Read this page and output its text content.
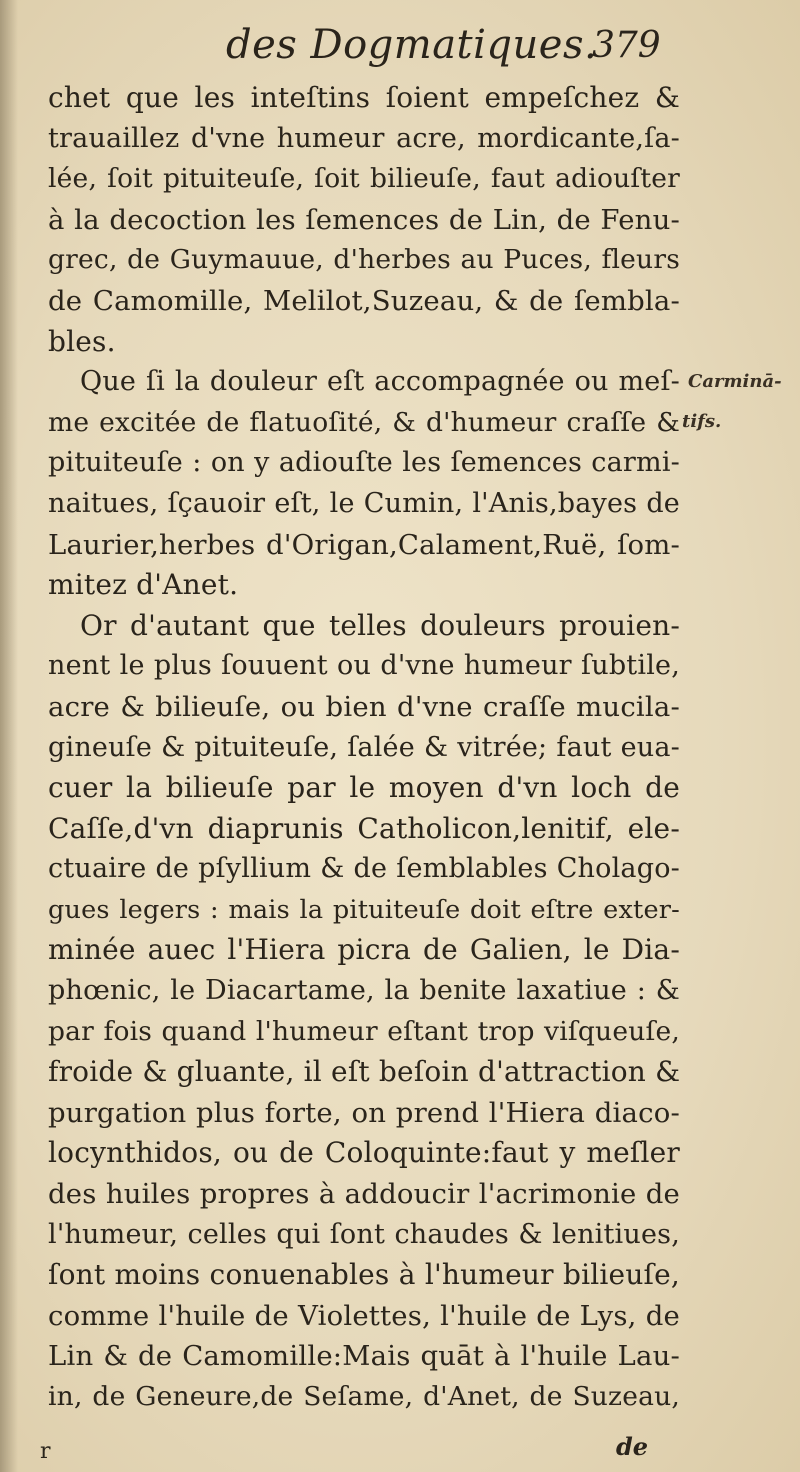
des Dogmatiques.
379
chet que les inteſtins ſoient empeſchez &
trauaillez d'vne humeur acre, mordicante,ſa-
lée, ſoit pituiteuſe, ſoit bilieuſe, faut adiouſter
à la decoction les ſemences de Lin, de Fenu-
grec, de Guymauue, d'herbes au Puces, fleurs
de Camomille, Melilot,Suzeau, & de ſembla-
bles.
Que ſi la douleur eſt accompagnée ou meſ-
me excitée de flatuoſité, & d'humeur craſſe &
pituiteuſe : on y adiouſte les ſemences carmi-
naitues, ſçauoir eſt, le Cumin, l'Anis,bayes de
Laurier,herbes d'Origan,Calament,Ruë, ſom-
mitez d'Anet.
Or d'autant que telles douleurs prouien-
nent le plus ſouuent ou d'vne humeur ſubtile,
acre & bilieuſe, ou bien d'vne craſſe mucila-
gineuſe & pituiteuſe, ſalée & vitrée; faut eua-
cuer la bilieuſe par le moyen d'vn loch de
Caſſe,d'vn diaprunis Catholicon,lenitif, ele-
ctuaire de pſyllium & de ſemblables Cholago-
gues legers : mais la pituiteuſe doit eſtre exter-
minée auec l'Hiera picra de Galien, le Dia-
phœnic, le Diacartame, la benite laxatiue : &
par fois quand l'humeur eſtant trop viſqueuſe,
froide & gluante, il eſt beſoin d'attraction &
purgation plus forte, on prend l'Hiera diaco-
locynthidos, ou de Coloquinte:faut y meſler
des huiles propres à addoucir l'acrimonie de
l'humeur, celles qui ſont chaudes & lenitiues,
ſont moins conuenables à l'humeur bilieuſe,
comme l'huile de Violettes, l'huile de Lys, de
Lin & de Camomille:Mais quāt à l'huile Lau-
in, de Geneure,de Seſame, d'Anet, de Suzeau,
Carminā-
tifs.
r	de
